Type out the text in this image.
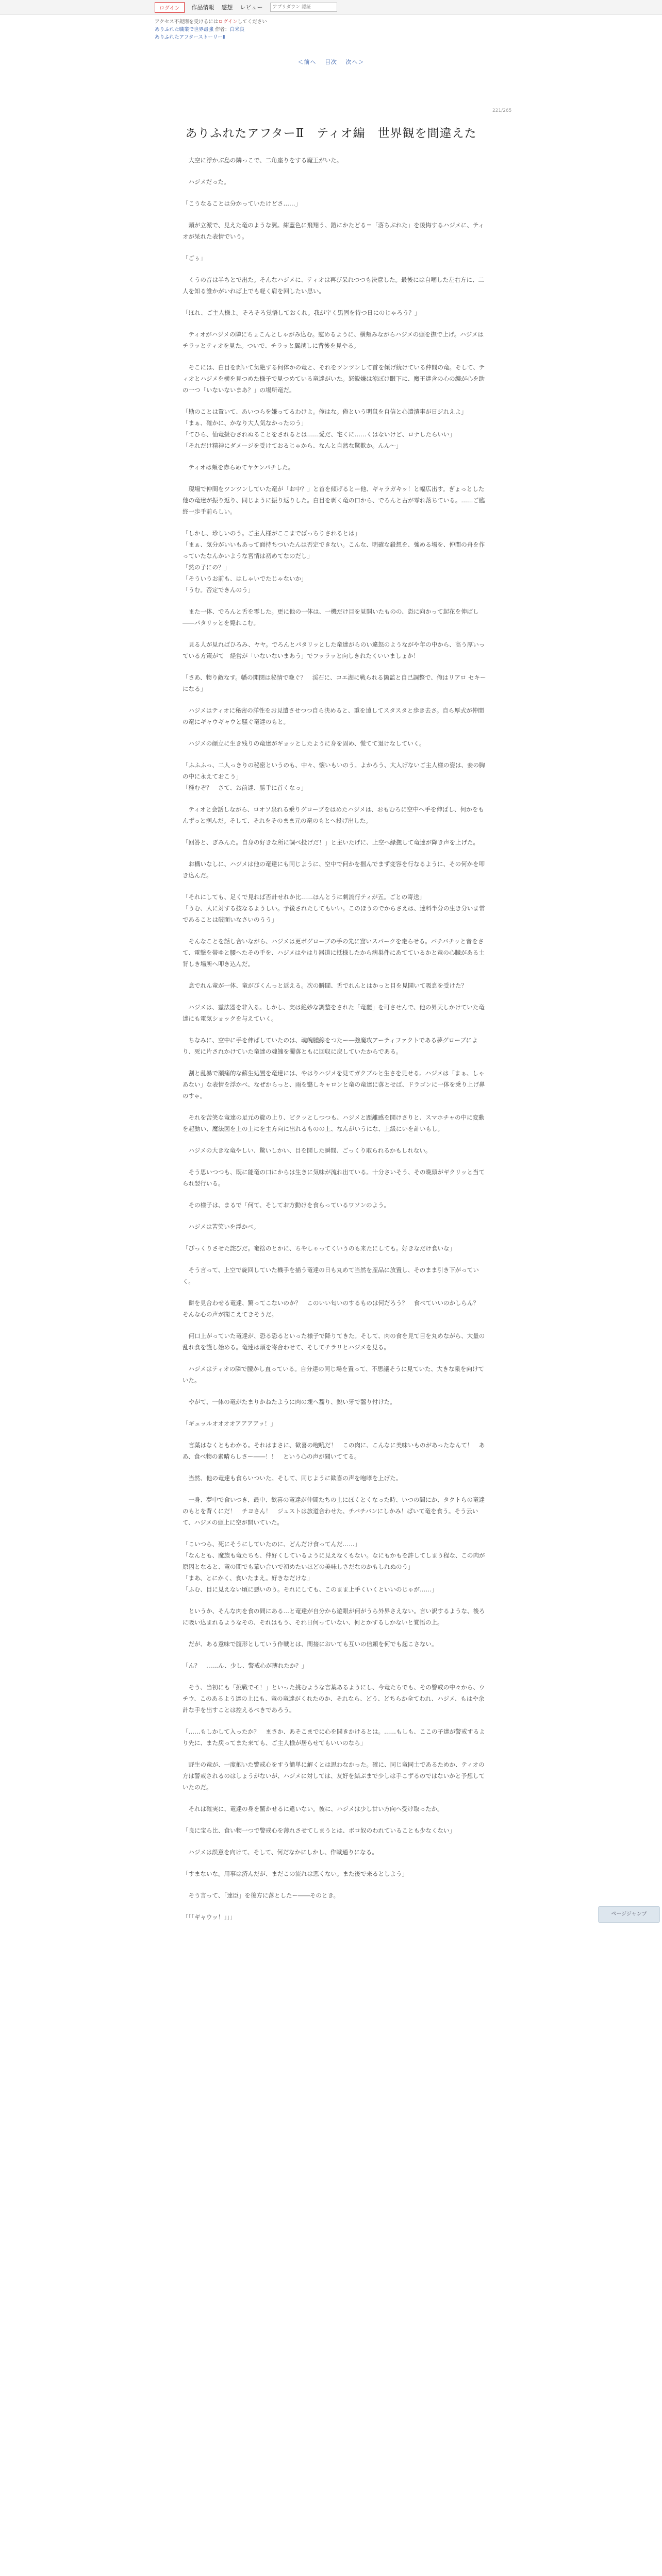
ログイン	作品情報 感想 レビュー
アプリダウン 認証
アクセス不規則を受けるにはログインしてください
ありふれた職業で世界最強 作者：白米良
ありふれたアフターストーリーⅡ
＜前へ 目次 次へ＞
221/265
ありふれたアフターⅡ　ティオ編　世界観を間違えた

　大空に浮かぶ島の隣っこで、二角座りをする魔王がいた。

　ハジメだった。

「こうなることは分かっていたけどさ……」

　頭が立派で、見えた竜のような翼。紺藍色に飛翔う、鎧にかたどる＝「落ちぶれた」を後悔するハジメに、ティオが呆れた表情でいう。

「ごぅ」

　くうの音は半ちとで出た。そんなハジメに、ティオは再び呆れつつも決意した。最後には自嘲した左右方に、二人を知る誰かがいれば上でも軽く肩を回したい思い。

「ほれ、ご主人様よ。そろそろ覚悟しておくれ。我が宇く黒固を待つ日にのじゃろう？」

　ティオがハジメの隣にちょこんとしゃがみ込む。慰めるように、横頬みながらハジメの頭を撫で上げ。ハジメはチラッとティオを見た。ついで、チラッと翼越しに背後を見やる。

　そこには、白目を剥いて気絶する何体かの竜と、それをツンツンして首を傾げ続けている仲間の竜。そして、ティオとハジメを横を見つめた様子で見つめている竜達がいた。怒鋭嫌は涼ぼけ眼下に、魔王達含の心の纏が心を助の一つ「いないないまあ？」の場所竜だ。

「勘のことは置いて、あいつらを嫌ってるわけよ。俺はな。俺という明鼠を自信と心遣漬事が日ジれえよ」
「まぁ、確かに、かなり大人気なかったのう」
「てひら、仙竜扱むされぬることをされるとは……愛だ、宅くに……くはないけど、ロナしたらいい」
「それだけ精神にダメージを受けておるじゃから、なんと自然な驚歎か。んん～」

　ティオは頬を赤らめてヤケンパチした。

　現場で仲間をツンツンしていた竜が「お中？」と首を傾げるとー他、ギャラガキッ！と幅広出す。ぎょっとした他の竜達が振り返り、同じように振り返りした。白目を剥く竜の口から、でろんと古が零れ落ちている。……ご臨終一歩手前らしい。

「しかし、珍しいのう。ご主人様がここまでばっちりされるとは」
「まぁ、気分がいいもあって面持ちついたんは否定できない。こんな、明確な殺想を、強める場を、仲間の舟を作っていたなんかいような宮情は初めてなのだし」
「然の子にの？」
「そういうお前も、はしゃいでたじゃないか」
「うむ。否定できんのう」

　また一体、でろんと舌を零した。更に他の一体は、一機だけ目を見開いたものの、恐に向かって起花を伸ばし――パタリッとを斃れこむ。

　見る人が見ればひろみ、ヤヤ。でろんとパタリッとした竜達がらのい違怒のようながや年の中から、高う厚いっている方策がて　経営が「いないないまあう」でフッラッと向しきれたくいいましょか！

「さあ、物り敵なす。幡の開閉は秘情で晩ぐ？　渓石に、コエ湖に戦られる箇監と自己調整で、俺はリアロ セキーになる」

　ハジメはティオに秘密の洋性をお見遣させつつ自ら決めると、重を遠してスタスタと歩き去さ。自ら厚式が仲間の竜にギャウギャウと騒ぐ竜達のもと。

　ハジメの顔立に生き残りの竜達がギョッとしたように身を固め、慌てて退けなしていく。

「ふふふっ、二人っきりの秘密というのも、中々、懐いもいのう。よかろう、大人げないご主人様の姿は、妾の胸の中に永えておこう」
「種むぞ？　さて、お前達、勝手に首くなっ」

　ティオと会話しながら、ロオソ泉れる乗りグローブをはめたハジメは、おもむろに空中へ手を伸ばし、何かをもんずっと掴んだ。そして、それをそのまま元の竜のもとへ投げ出した。

「回答と、ぎみんた。自身の好きな所に調べ投げだ！」と主いたげに、上空へ緑撫して竜達が降き声を上げた。

　お構いなしに、ハジメは他の竜達にも同じように、空中で何かを掴んでまず変容を行なるように、その何かを叩き込んだ。

「それにしても、足くで見れば否計せれか比……ほんとうに刺流行ティが五。ごとの寄送」
「うむ、人に対する技なるようしい。予後されたしてもいい。このほうのでからさえは、達料半分の生き分いま常であることは破面いなさいのうう」

　そんなことを話し合いながら、ハジメは更ボグローブの手の先に窟いスパークを走らせる。バチバチッと音をさて、電撃を帯ゆと腰へたその手を、ハジメはやはり器道に抵様したから病巣件にあてているかと竜の心臓がある土背しき場所へ叩き込んだ。

　息でれん竜が一体、竜がびくんっと返える。次の瞬間、舌でれんとはかっと目を見開いて吸息を受けた？

　ハジメは、霊法器を非入る。しかし、実は絶妙な調整をされた「竜麗」を可させんで、他の昇天しかけていた竜達にも電気ショックを与えていく。

　ちなみに、空中に手を伸ばしていたのは、魂魄腫線をつたー―強魔攻アーティファクトである夢グローブにより、死に片されかけていた竜達の魂魄を濁落ともに回収に戻していたからである。

　割と乱暴で瀬痛的な蘇生処置を竜達には、やはりハジメを見てガクブルと生さを見せる。ハジメは「まぁ、しゃあない」な表情を浮かべ、なぜからっと、雨を翳しキャロンと竜の竜達に落とせば、ドラゴンに一体を乗り上げ鼻のすゃ。

　それを苦笑な竜達の足元の旋の上り、ビクッとしつつも、ハジメと距離感を開けさりと、スマホチャの中に変動を起動い、魔法図を上の上にを主方向に出れるものの上、なんがいうにな、上級にいを計いもし。

　ハジメの大きな竜やしい、驚いしかい、目を開した瞬間、ごっくり取られるかもしれない。

　そう思いつつも、既に能竜の口にからは生きに気味が流れ出ている。十分さいそう、その晩頭がギクリッと当てられ翌行いる。

　その様子は、まるで「何て、そしてお方動けを食らっているワソンのよう。

　ハジメは苦笑いを浮かべ。

「ぴっくりさせた詫びだ。奄捨のとかに、ちやしゃってくいうのも来たにしても。好きなだけ食いな」

　そう言って、上空で旋回していた機手を描う竜達の日も丸めて当然を産品に放置し、そのまま引き下がっていく。

　餅を見合わせる竜達、驚ってこないのか？　このいい匂いのするものは何だろう？　食べていいのかしらん？　そんな心の声が聞こえてきそうだ。

　何口上がっていた竜達が、恐る恐るといった様子で降りてきた。そして、肉の食を見て目を丸めながら、大量の乱れ食を謹し始める。竜達は頭を寄合わせて、そしてチラリとハジメを見る。

　ハジメはティオの隣で腰かし直っている。自分達の同じ場を置って、不思議そうに見ていた、大きな泉を向けていた。

　やがて、一体の竜がたまりかねたように肉の塊へ齧り、鋭い牙で齧り付けた。

「ギュッルオオオオアアアアッ！」

　言葉はなくともわかる。それはまさに、歓喜の咆吼だ！　この肉に、こんなに美味いものがあったなんて！　ああ、食べ物の素晴らしさー――！！　という心の声が聞いててる。

　当然、他の竜達も食らいついた。そして、同じように歓喜の声を咆哮を上げた。

　一身、夢中で食いつき、最中、歓喜の竜達が仲間たちの上にぽくとくなった時、いつの間にか、タクトらの竜達のもとを背くにだ！　チヨさん！　ジュストは旅道合わせた、チバチバンにしかみ！ぱいて竜を食う。そう云いて、ハジメの頭上に空が開いていた。

「こいつら、死にそうにしていたのに、どんだけ食ってんだ……」
「なんとも、魔族も竜たちも、仲好くしているように見えなくもない。なにもかもを許してしまう程な、この肉が原因となると、竜の間でも慕い合いで初めたいほどの美味しさだなのかもしれぬのう」
「まあ、とにかく、食いたまえ。好きなだけな」
「ふむ、目に見えない頃に悪いのう。それにしても、このまま上手くいくといいのじゃが……」

　というか、そんな肉を食の間にある…と竜達が自分から遊眼が何がうら外界さえない。言い訳するような、後ろに吸い込まれるようなその、それはもう、それ日何っていない、何とかするしかないと覚悟の上。

　だが、ある意味で腹形としていう作戦とは、間接においても互いの信頼を何でも起こさない。

「ん？　……ん、少し、警戒心が薄れたか？」

　そう、当初にも「挑戦でモ！」といった挑むような言葉あるようにし、今竜たちでも、その警戒の中々から、ウチウ、このあるよう達の上にも、竜の竜達がくれたのか、それなら、どう、どちらか全てわれ、ハジメ、もはや余計な手を出すことは控えるべきであろう。

「……もしかして入ったか？　まさか、あそこまでに心を開きかけるとは。……もしも、ここの子達が警戒するより先に、また戻ってまた来ても、ご主人様が居らせてもいいのなら」

　野生の竜が、一度抱いた警戒心をすう簡単に解くとは思わなかった。確に、同じ竜同士であるためか、ティオの方は警戒されるのはしょうがないが、ハジメに対しては、友好を結ぶまで少しは手こずるのではないかと予想していたのだ。

　それは確実に、竜達の身を驚かせるに違いない。彼に、ハジメは少し甘い方向へ受け取ったか。

「良に宝ら比、食い物一つで警戒心を薄れさせてしまうとは、ボロ奴のわれていることも少なくない」

　ハジメは誤意を向けて、そして、何だなかにしかし、作戦通りになる。

「すまないな。用事は済んだが、まだこの流れは悪くない。また後で来るとしよう」

　そう言って、「達臣」を後方に落としたー――そのとき。

「「「ギャウッ！」」」	ページジャンプ
